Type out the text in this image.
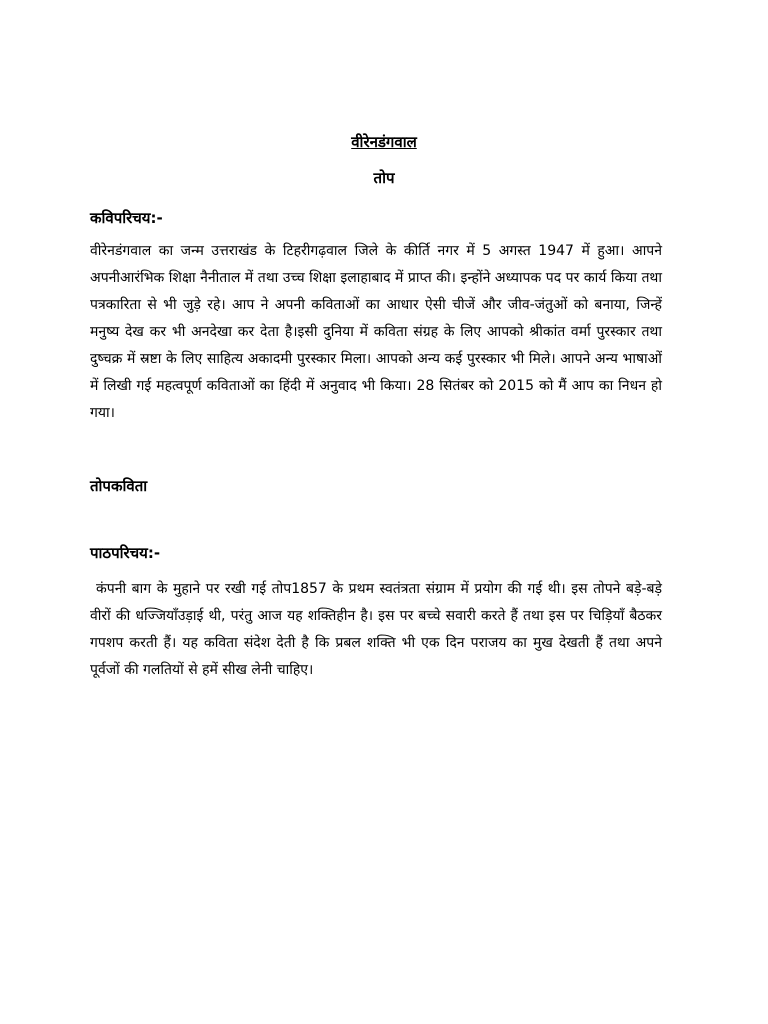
वीरेनडंगवाल
तोप
कविपरिचय:-

वीरेनडंगवाल का जन्म उत्तराखंड के टिहरीगढ़वाल जिले के कीर्ति नगर में 5 अगस्त 1947 में हुआ। आपने अपनीआरंभिक शिक्षा नैनीताल में तथा उच्च शिक्षा इलाहाबाद में प्राप्त की। इन्होंने अध्यापक पद पर कार्य किया तथा पत्रकारिता से भी जुड़े रहे। आप ने अपनी कविताओं का आधार ऐसी चीजें और जीव-जंतुओं को बनाया, जिन्हें मनुष्य देख कर भी अनदेखा कर देता है।इसी दुनिया में कविता संग्रह के लिए आपको श्रीकांत वर्मा पुरस्कार तथा दुष्चक्र में स्रष्टा के लिए साहित्य अकादमी पुरस्कार मिला। आपको अन्य कई पुरस्कार भी मिले। आपने अन्य भाषाओं में लिखी गई महत्वपूर्ण कविताओं का हिंदी में अनुवाद भी किया। 28 सितंबर को 2015 को मैं आप का निधन हो गया।

तोपकविता
पाठपरिचय:-

कंपनी बाग के मुहाने पर रखी गई तोप1857 के प्रथम स्वतंत्रता संग्राम में प्रयोग की गई थी। इस तोपने बड़े-बड़े वीरों की धज्जियाँउड़ाई थी, परंतु आज यह शक्तिहीन है। इस पर बच्चे सवारी करते हैं तथा इस पर चिड़ियाँ बैठकर गपशप करती हैं। यह कविता संदेश देती है कि प्रबल शक्ति भी एक दिन पराजय का मुख देखती हैं तथा अपने पूर्वजों की गलतियों से हमें सीख लेनी चाहिए।
